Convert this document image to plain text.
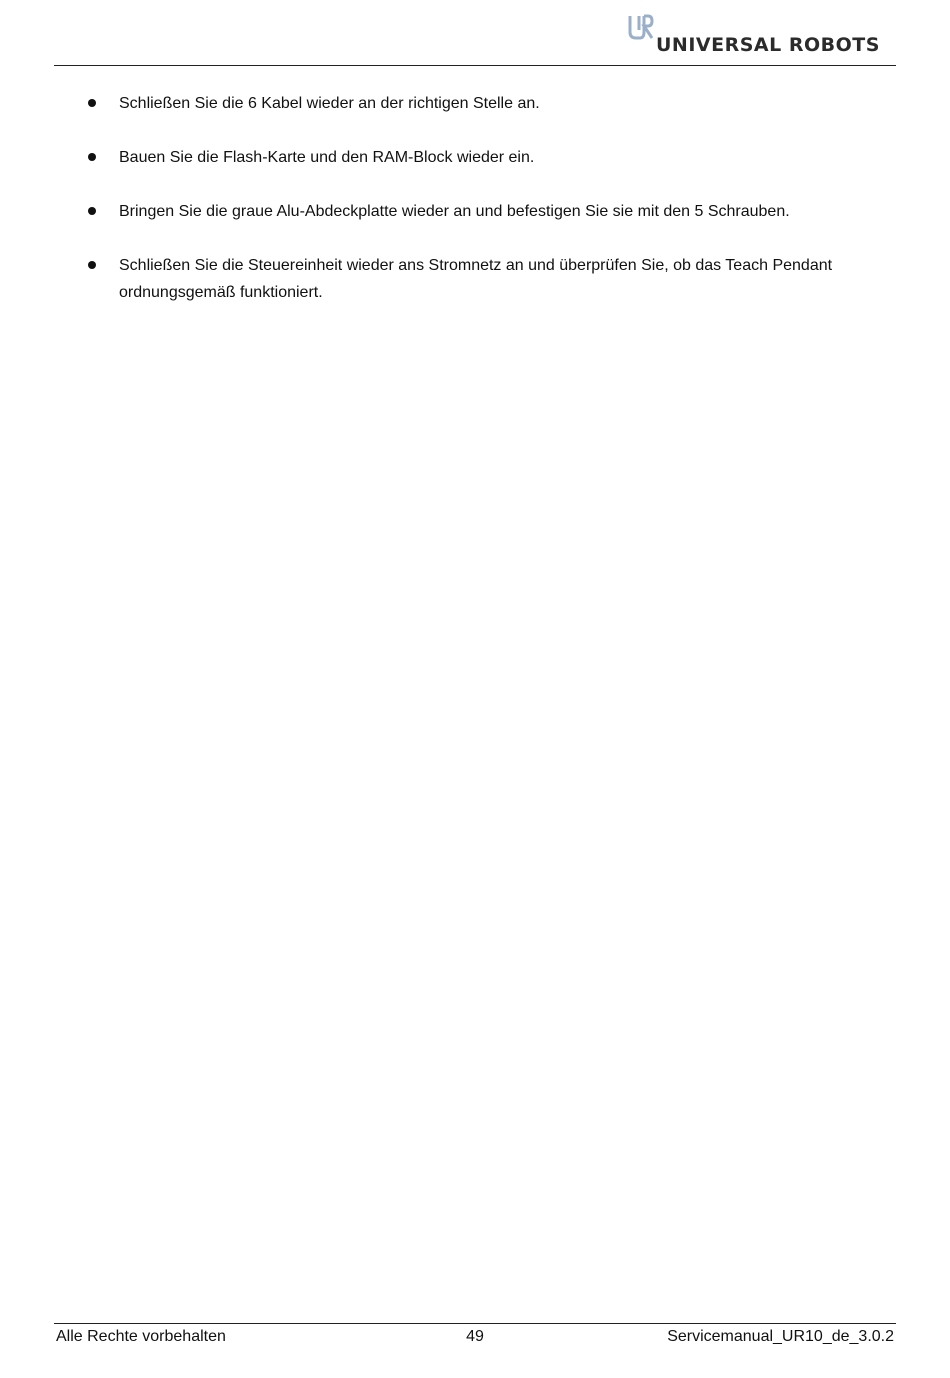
UNIVERSAL ROBOTS
Schließen Sie die 6 Kabel wieder an der richtigen Stelle an.
Bauen Sie die Flash-Karte und den RAM-Block wieder ein.
Bringen Sie die graue Alu-Abdeckplatte wieder an und befestigen Sie sie mit den 5 Schrauben.
Schließen Sie die Steuereinheit wieder ans Stromnetz an und überprüfen Sie, ob das Teach Pendant ordnungsgemäß funktioniert.
Alle Rechte vorbehalten	49	Servicemanual_UR10_de_3.0.2
